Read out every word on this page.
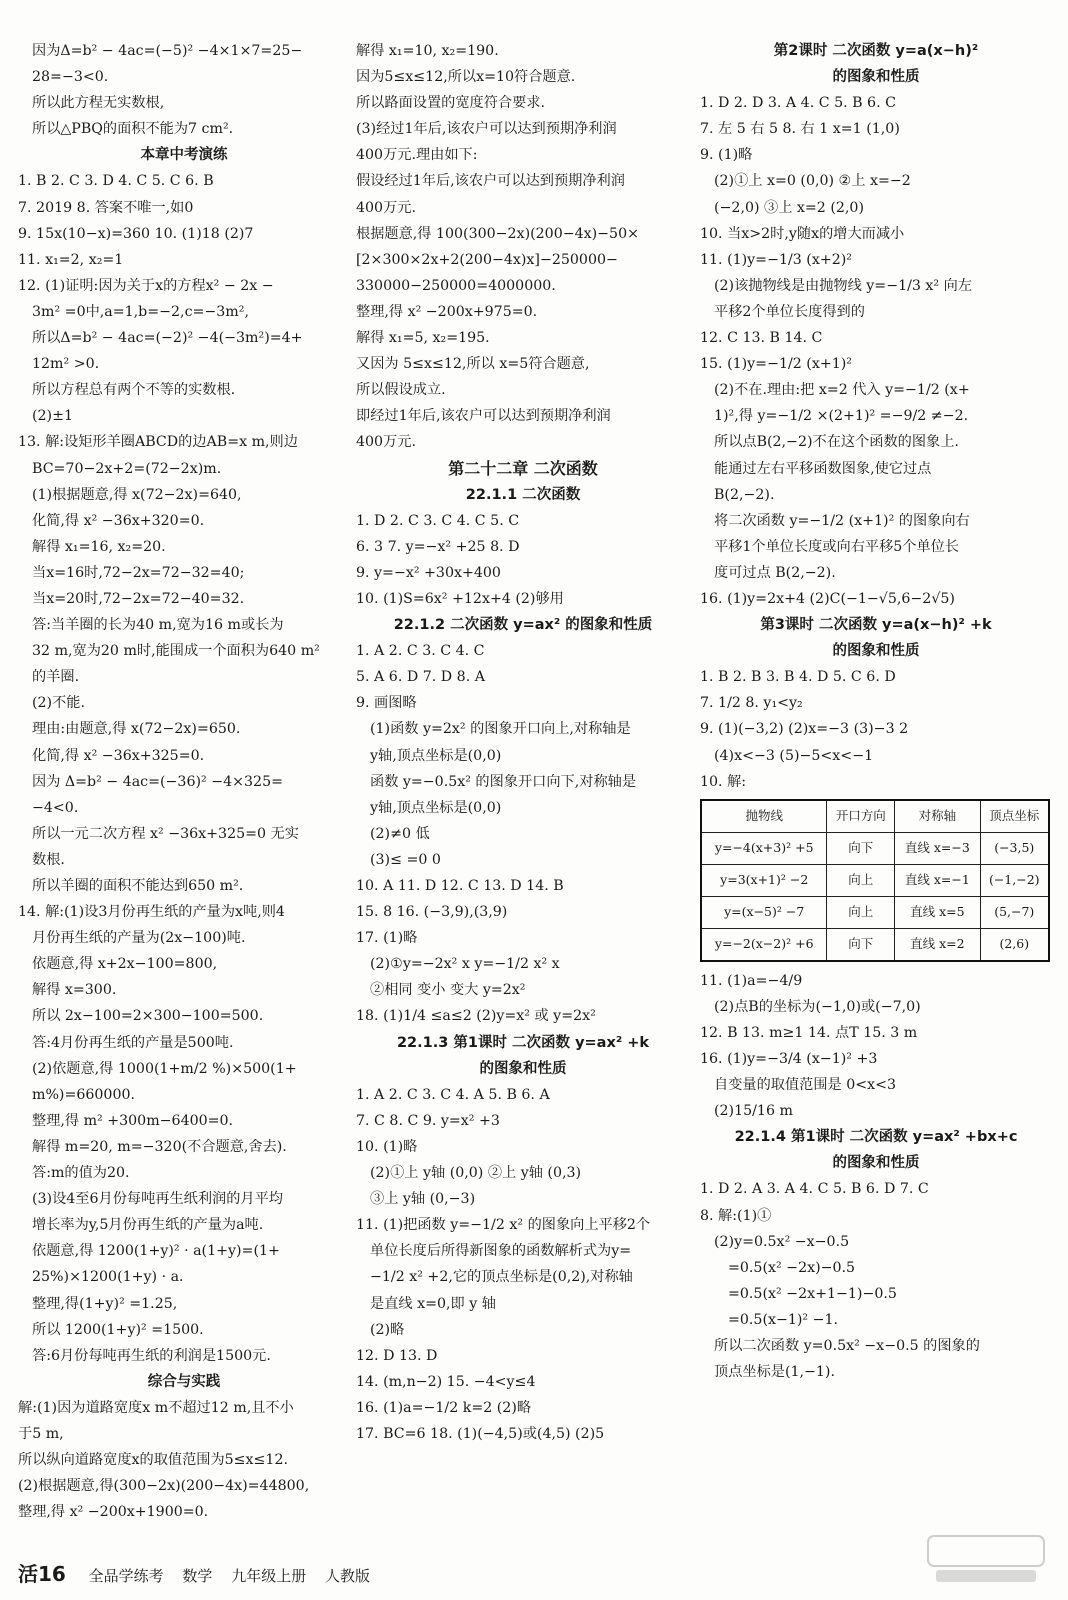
因为Δ=b² − 4ac=(−5)² −4×1×7=25−
28=−3<0.
所以此方程无实数根,
所以△PBQ的面积不能为7 cm².
本章中考演练
1. B 2. C 3. D 4. C 5. C 6. B
7. 2019 8. 答案不唯一,如0
9. 15x(10−x)=360 10. (1)18 (2)7
11. x₁=2, x₂=1
12. (1)证明:因为关于x的方程x² − 2x −
3m² =0中,a=1,b=−2,c=−3m²,
所以Δ=b² − 4ac=(−2)² −4(−3m²)=4+
12m² >0.
所以方程总有两个不等的实数根.
(2)±1
13. 解:设矩形羊圈ABCD的边AB=x m,则边
BC=70−2x+2=(72−2x)m.
(1)根据题意,得 x(72−2x)=640,
化简,得 x² −36x+320=0.
解得 x₁=16, x₂=20.
当x=16时,72−2x=72−32=40;
当x=20时,72−2x=72−40=32.
答:当羊圈的长为40 m,宽为16 m或长为
32 m,宽为20 m时,能围成一个面积为640 m²
的羊圈.
(2)不能.
理由:由题意,得 x(72−2x)=650.
化简,得 x² −36x+325=0.
因为 Δ=b² − 4ac=(−36)² −4×325=
−4<0.
所以一元二次方程 x² −36x+325=0 无实
数根.
所以羊圈的面积不能达到650 m².
14. 解:(1)设3月份再生纸的产量为x吨,则4
月份再生纸的产量为(2x−100)吨.
依题意,得 x+2x−100=800,
解得 x=300.
所以 2x−100=2×300−100=500.
答:4月份再生纸的产量是500吨.
(2)依题意,得 1000(1+m/2 %)×500(1+
m%)=660000.
整理,得 m² +300m−6400=0.
解得 m=20, m=−320(不合题意,舍去).
答:m的值为20.
(3)设4至6月份每吨再生纸利润的月平均
增长率为y,5月份再生纸的产量为a吨.
依题意,得 1200(1+y)² · a(1+y)=(1+
25%)×1200(1+y) · a.
整理,得(1+y)² =1.25,
所以 1200(1+y)² =1500.
答:6月份每吨再生纸的利润是1500元.
综合与实践
解:(1)因为道路宽度x m不超过12 m,且不小
于5 m,
所以纵向道路宽度x的取值范围为5≤x≤12.
(2)根据题意,得(300−2x)(200−4x)=44800,
整理,得 x² −200x+1900=0.
解得 x₁=10, x₂=190.
因为5≤x≤12,所以x=10符合题意.
所以路面设置的宽度符合要求.
(3)经过1年后,该农户可以达到预期净利润
400万元.理由如下:
假设经过1年后,该农户可以达到预期净利润
400万元.
根据题意,得 100(300−2x)(200−4x)−50×
[2×300×2x+2(200−4x)x]−250000−
330000−250000=4000000.
整理,得 x² −200x+975=0.
解得 x₁=5, x₂=195.
又因为 5≤x≤12,所以 x=5符合题意,
所以假设成立.
即经过1年后,该农户可以达到预期净利润
400万元.
第二十二章 二次函数
22.1.1 二次函数
1. D 2. C 3. C 4. C 5. C
6. 3 7. y=−x² +25 8. D
9. y=−x² +30x+400
10. (1)S=6x² +12x+4 (2)够用
22.1.2 二次函数 y=ax² 的图象和性质
1. A 2. C 3. C 4. C
5. A 6. D 7. D 8. A
9. 画图略
(1)函数 y=2x² 的图象开口向上,对称轴是
y轴,顶点坐标是(0,0)
函数 y=−0.5x² 的图象开口向下,对称轴是
y轴,顶点坐标是(0,0)
(2)≠0 低
(3)≤ =0 0
10. A 11. D 12. C 13. D 14. B
15. 8 16. (−3,9),(3,9)
17. (1)略
(2)①y=−2x² x y=−1/2 x² x
②相同 变小 变大 y=2x²
18. (1)1/4 ≤a≤2 (2)y=x² 或 y=2x²
22.1.3 第1课时 二次函数 y=ax² +k
的图象和性质
1. A 2. C 3. C 4. A 5. B 6. A
7. C 8. C 9. y=x² +3
10. (1)略
(2)①上 y轴 (0,0) ②上 y轴 (0,3)
③上 y轴 (0,−3)
11. (1)把函数 y=−1/2 x² 的图象向上平移2个
单位长度后所得新图象的函数解析式为y=
−1/2 x² +2,它的顶点坐标是(0,2),对称轴
是直线 x=0,即 y 轴
(2)略
12. D 13. D
14. (m,n−2) 15. −4<y≤4
16. (1)a=−1/2 k=2 (2)略
17. BC=6 18. (1)(−4,5)或(4,5) (2)5
第2课时 二次函数 y=a(x−h)²
的图象和性质
1. D 2. D 3. A 4. C 5. B 6. C
7. 左 5 右 5 8. 右 1 x=1 (1,0)
9. (1)略
(2)①上 x=0 (0,0) ②上 x=−2
(−2,0) ③上 x=2 (2,0)
10. 当x>2时,y随x的增大而减小
11. (1)y=−1/3 (x+2)²
(2)该抛物线是由抛物线 y=−1/3 x² 向左
平移2个单位长度得到的
12. C 13. B 14. C
15. (1)y=−1/2 (x+1)²
(2)不在.理由:把 x=2 代入 y=−1/2 (x+
1)²,得 y=−1/2 ×(2+1)² =−9/2 ≠−2.
所以点B(2,−2)不在这个函数的图象上.
能通过左右平移函数图象,使它过点
B(2,−2).
将二次函数 y=−1/2 (x+1)² 的图象向右
平移1个单位长度或向右平移5个单位长
度可过点 B(2,−2).
16. (1)y=2x+4 (2)C(−1−√5,6−2√5)
第3课时 二次函数 y=a(x−h)² +k
的图象和性质
1. B 2. B 3. B 4. D 5. C 6. D
7. 1/2 8. y₁<y₂
9. (1)(−3,2) (2)x=−3 (3)−3 2
(4)x<−3 (5)−5<x<−1
10. 解:
抛物线	开口方向	对称轴	顶点坐标
y=−4(x+3)² +5	向下	直线 x=−3	(−3,5)
y=3(x+1)² −2	向上	直线 x=−1	(−1,−2)
y=(x−5)² −7	向上	直线 x=5	(5,−7)
y=−2(x−2)² +6	向下	直线 x=2	(2,6)
11. (1)a=−4/9
(2)点B的坐标为(−1,0)或(−7,0)
12. B 13. m≥1 14. 点T 15. 3 m
16. (1)y=−3/4 (x−1)² +3
自变量的取值范围是 0<x<3
(2)15/16 m
22.1.4 第1课时 二次函数 y=ax² +bx+c
的图象和性质
1. D 2. A 3. A 4. C 5. B 6. D 7. C
8. 解:(1)①
(2)y=0.5x² −x−0.5
=0.5(x² −2x)−0.5
=0.5(x² −2x+1−1)−0.5
=0.5(x−1)² −1.
所以二次函数 y=0.5x² −x−0.5 的图象的
顶点坐标是(1,−1).
活16 全品学练考 数学 九年级上册 人教版
